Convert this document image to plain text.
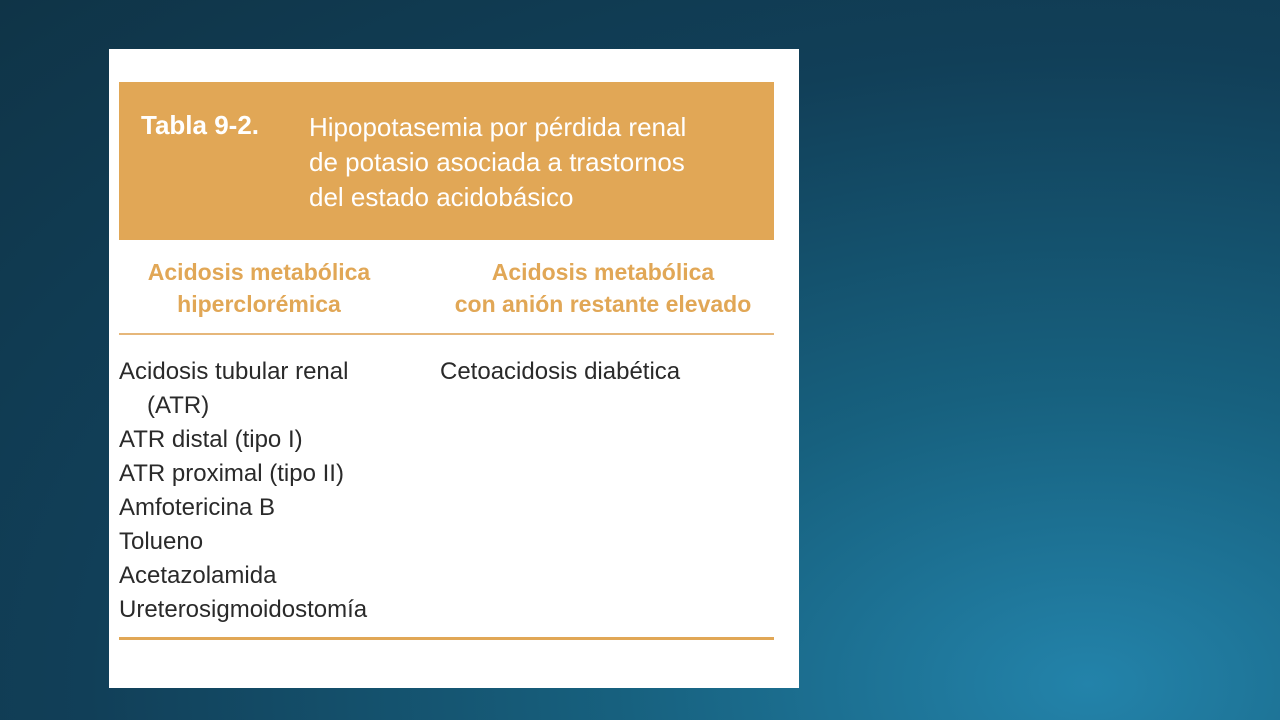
Tabla 9-2. Hipopotasemia por pérdida renal
de potasio asociada a trastornos
del estado acidobásico
Acidosis metabólica
hiperclorémica
Acidosis metabólica
con anión restante elevado
Acidosis tubular renal
(ATR)
ATR distal (tipo I)
ATR proximal (tipo II)
Amfotericina B
Tolueno
Acetazolamida
Ureterosigmoidostomía
Cetoacidosis diabética
